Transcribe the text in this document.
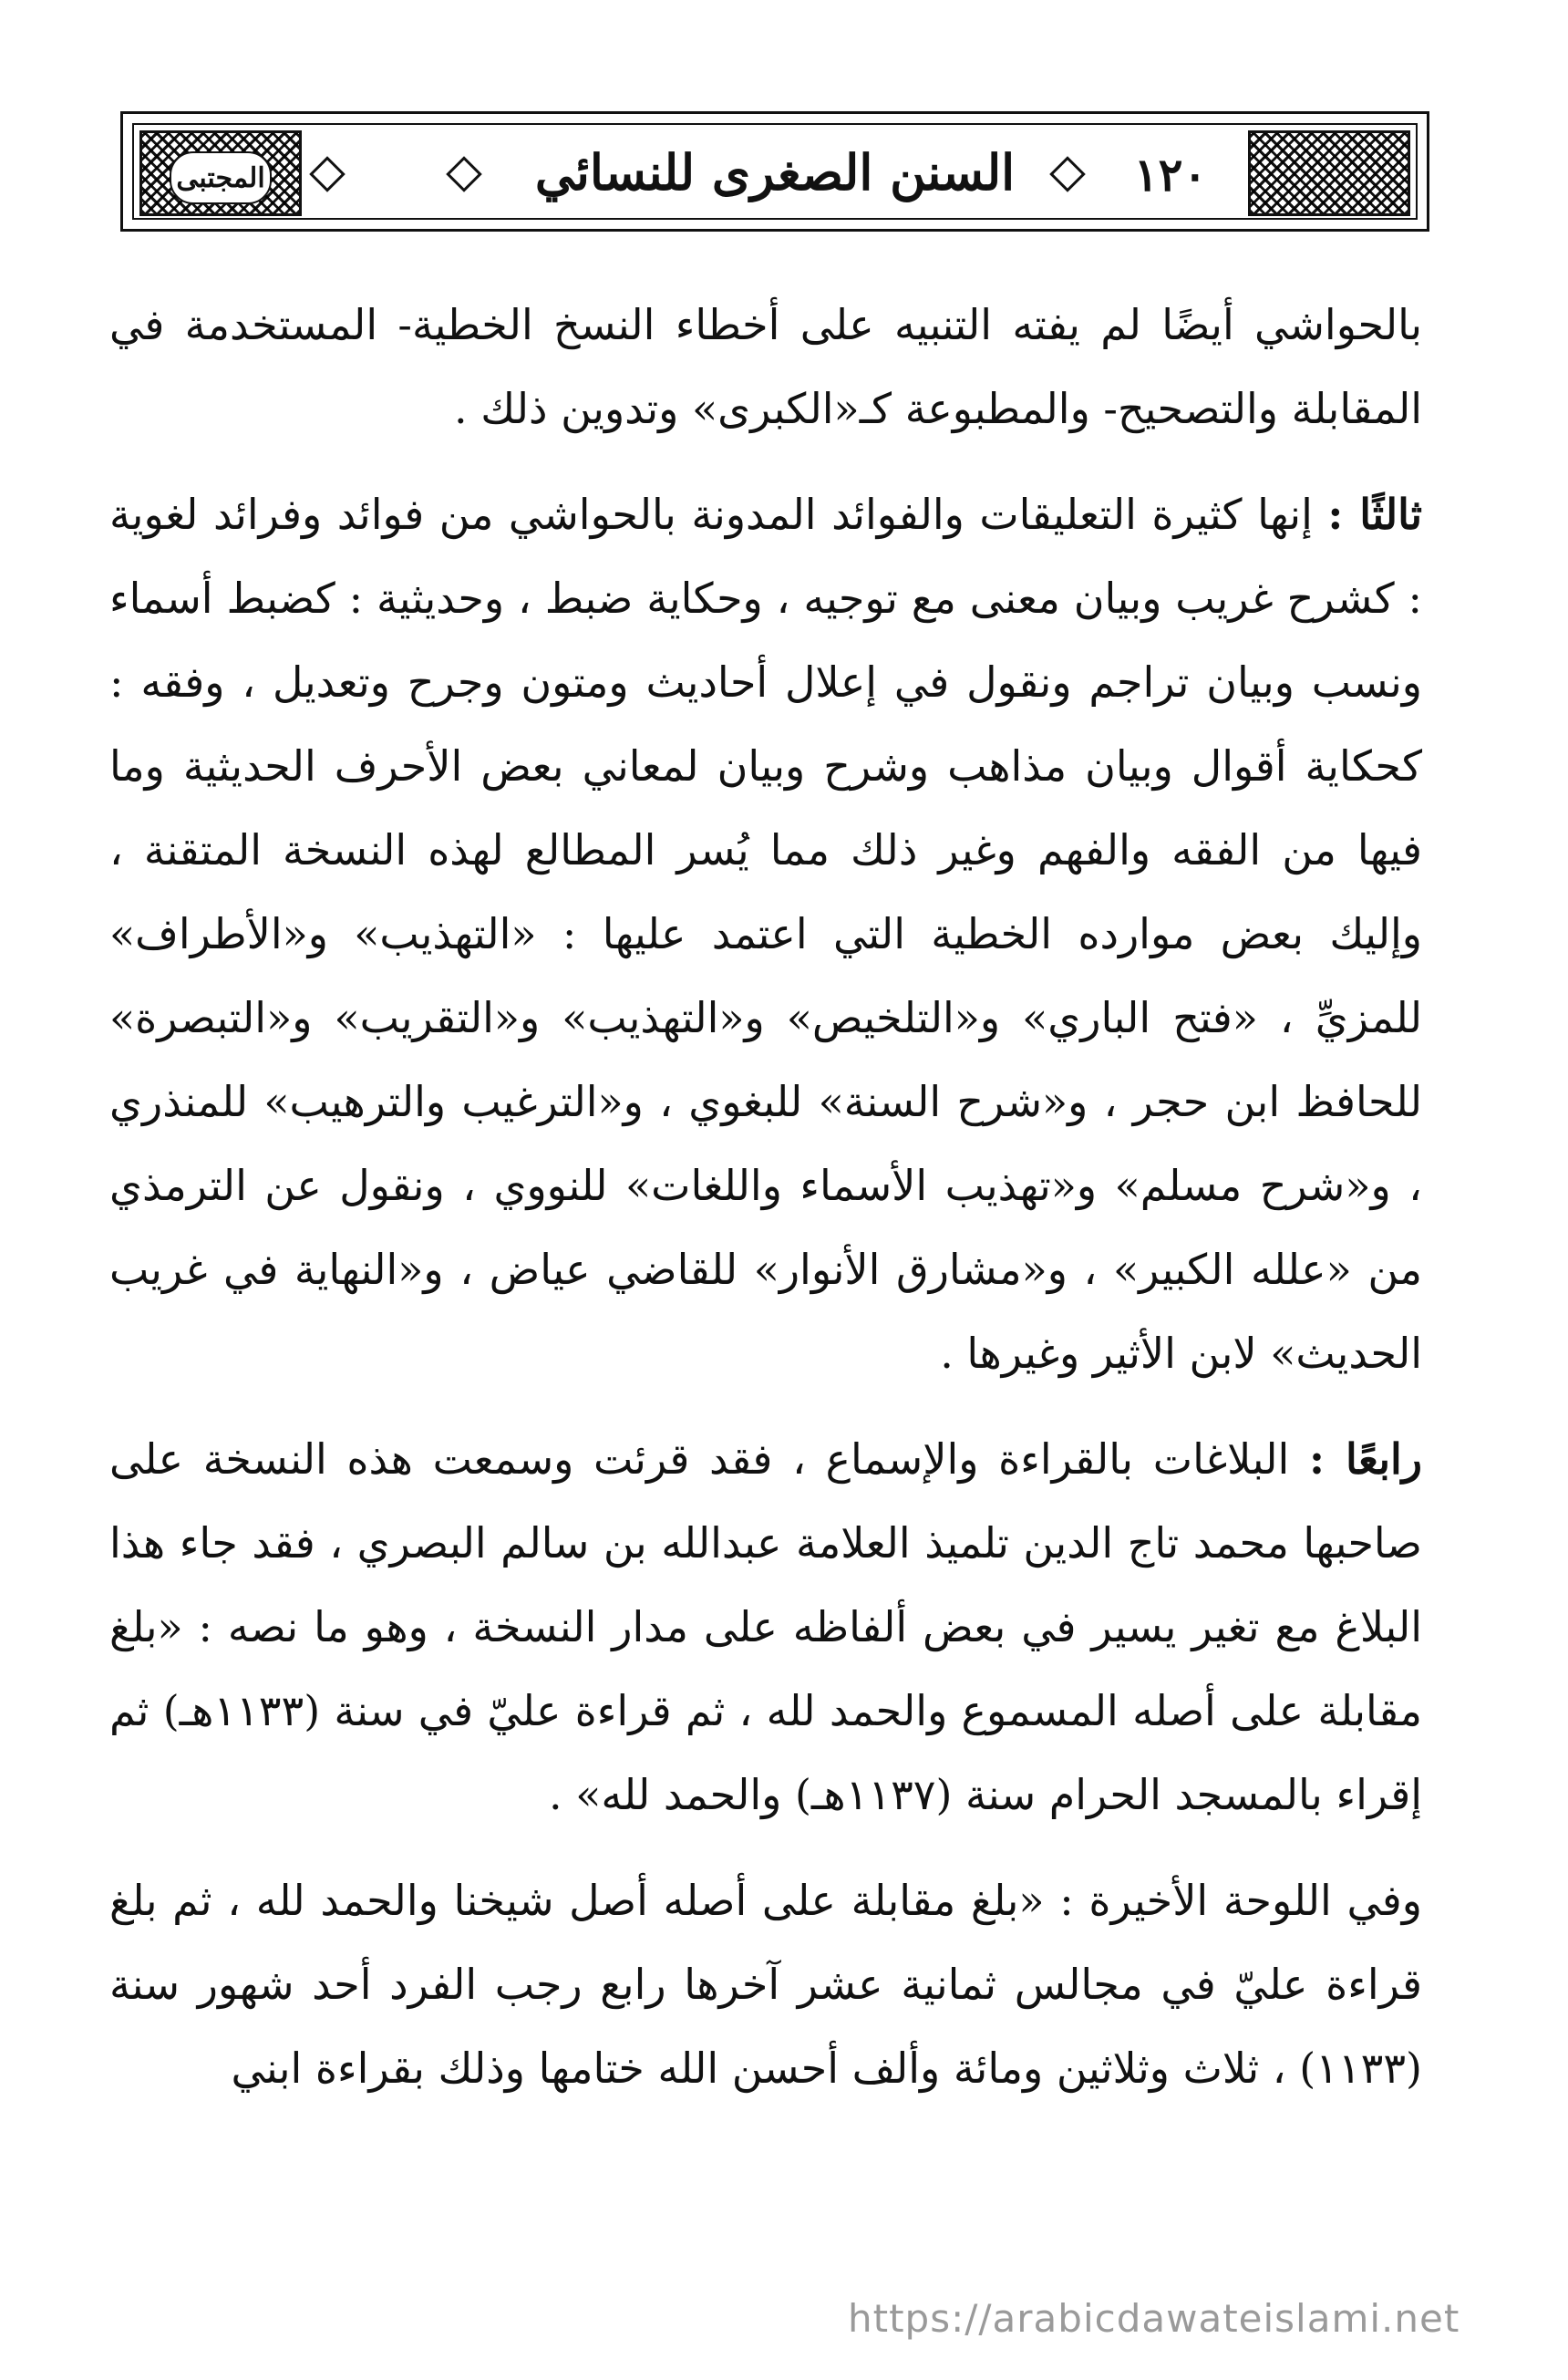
المجتبى	السنن الصغرى للنسائي	١٢٠

بالحواشي أيضًا لم يفته التنبيه على أخطاء النسخ الخطية- المستخدمة في المقابلة والتصحيح- والمطبوعة كـ«الكبرى» وتدوين ذلك .

ثالثًا : إنها كثيرة التعليقات والفوائد المدونة بالحواشي من فوائد وفرائد لغوية : كشرح غريب وبيان معنى مع توجيه ، وحكاية ضبط ، وحديثية : كضبط أسماء ونسب وبيان تراجم ونقول في إعلال أحاديث ومتون وجرح وتعديل ، وفقه : كحكاية أقوال وبيان مذاهب وشرح وبيان لمعاني بعض الأحرف الحديثية وما فيها من الفقه والفهم وغير ذلك مما يُسر المطالع لهذه النسخة المتقنة ، وإليك بعض موارده الخطية التي اعتمد عليها : «التهذيب» و«الأطراف» للمزيِّ ، «فتح الباري» و«التلخيص» و«التهذيب» و«التقريب» و«التبصرة» للحافظ ابن حجر ، و«شرح السنة» للبغوي ، و«الترغيب والترهيب» للمنذري ، و«شرح مسلم» و«تهذيب الأسماء واللغات» للنووي ، ونقول عن الترمذي من «علله الكبير» ، و«مشارق الأنوار» للقاضي عياض ، و«النهاية في غريب الحديث» لابن الأثير وغيرها .

رابعًا : البلاغات بالقراءة والإسماع ، فقد قرئت وسمعت هذه النسخة على صاحبها محمد تاج الدين تلميذ العلامة عبدالله بن سالم البصري ، فقد جاء هذا البلاغ مع تغير يسير في بعض ألفاظه على مدار النسخة ، وهو ما نصه : «بلغ مقابلة على أصله المسموع والحمد لله ، ثم قراءة عليّ في سنة (١١٣٣هـ) ثم إقراء بالمسجد الحرام سنة (١١٣٧هـ) والحمد لله» .

وفي اللوحة الأخيرة : «بلغ مقابلة على أصله أصل شيخنا والحمد لله ، ثم بلغ قراءة عليّ في مجالس ثمانية عشر آخرها رابع رجب الفرد أحد شهور سنة (١١٣٣) ، ثلاث وثلاثين ومائة وألف أحسن الله ختامها وذلك بقراءة ابني

https://arabicdawateislami.net
